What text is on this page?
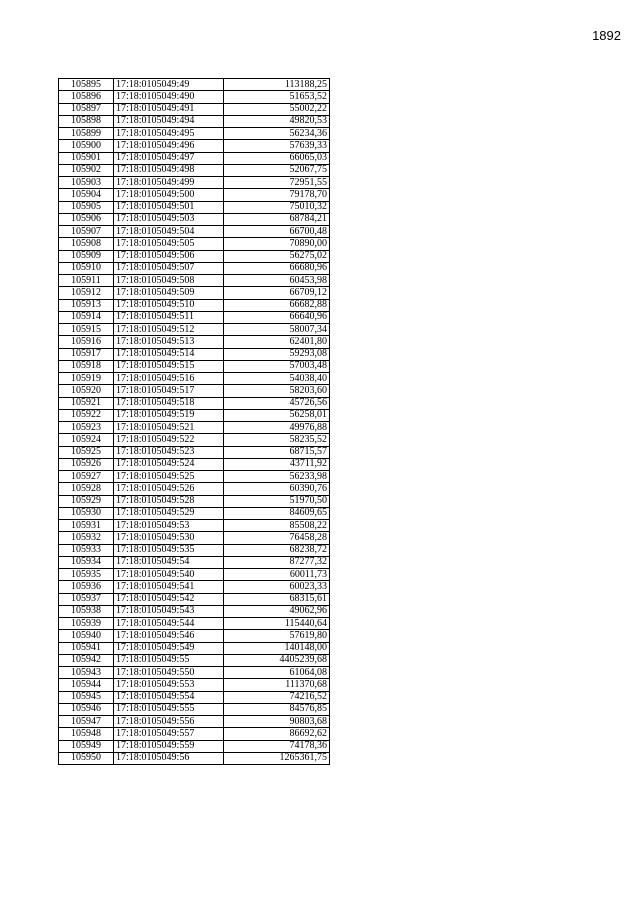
1892
105895	17:18:0105049:49	113188,25
105896	17:18:0105049:490	51653,52
105897	17:18:0105049:491	55002,22
105898	17:18:0105049:494	49820,53
105899	17:18:0105049:495	56234,36
105900	17:18:0105049:496	57639,33
105901	17:18:0105049:497	66065,03
105902	17:18:0105049:498	52067,75
105903	17:18:0105049:499	72951,55
105904	17:18:0105049:500	79178,70
105905	17:18:0105049:501	75010,32
105906	17:18:0105049:503	68784,21
105907	17:18:0105049:504	66700,48
105908	17:18:0105049:505	70890,00
105909	17:18:0105049:506	56275,02
105910	17:18:0105049:507	66680,96
105911	17:18:0105049:508	60453,98
105912	17:18:0105049:509	66709,12
105913	17:18:0105049:510	66682,88
105914	17:18:0105049:511	66640,96
105915	17:18:0105049:512	58007,34
105916	17:18:0105049:513	62401,80
105917	17:18:0105049:514	59293,08
105918	17:18:0105049:515	57003,48
105919	17:18:0105049:516	54038,40
105920	17:18:0105049:517	58203,60
105921	17:18:0105049:518	45726,56
105922	17:18:0105049:519	56258,01
105923	17:18:0105049:521	49976,88
105924	17:18:0105049:522	58235,52
105925	17:18:0105049:523	68715,57
105926	17:18:0105049:524	43711,92
105927	17:18:0105049:525	56233,98
105928	17:18:0105049:526	60390,76
105929	17:18:0105049:528	51970,50
105930	17:18:0105049:529	84609,65
105931	17:18:0105049:53	85508,22
105932	17:18:0105049:530	76458,28
105933	17:18:0105049:535	68238,72
105934	17:18:0105049:54	87277,32
105935	17:18:0105049:540	60011,73
105936	17:18:0105049:541	60023,33
105937	17:18:0105049:542	68315,61
105938	17:18:0105049:543	49062,96
105939	17:18:0105049:544	115440,64
105940	17:18:0105049:546	57619,80
105941	17:18:0105049:549	140148,00
105942	17:18:0105049:55	4405239,68
105943	17:18:0105049:550	61064,08
105944	17:18:0105049:553	111370,68
105945	17:18:0105049:554	74216,52
105946	17:18:0105049:555	84576,85
105947	17:18:0105049:556	90803,68
105948	17:18:0105049:557	86692,62
105949	17:18:0105049:559	74178,36
105950	17:18:0105049:56	1265361,75
